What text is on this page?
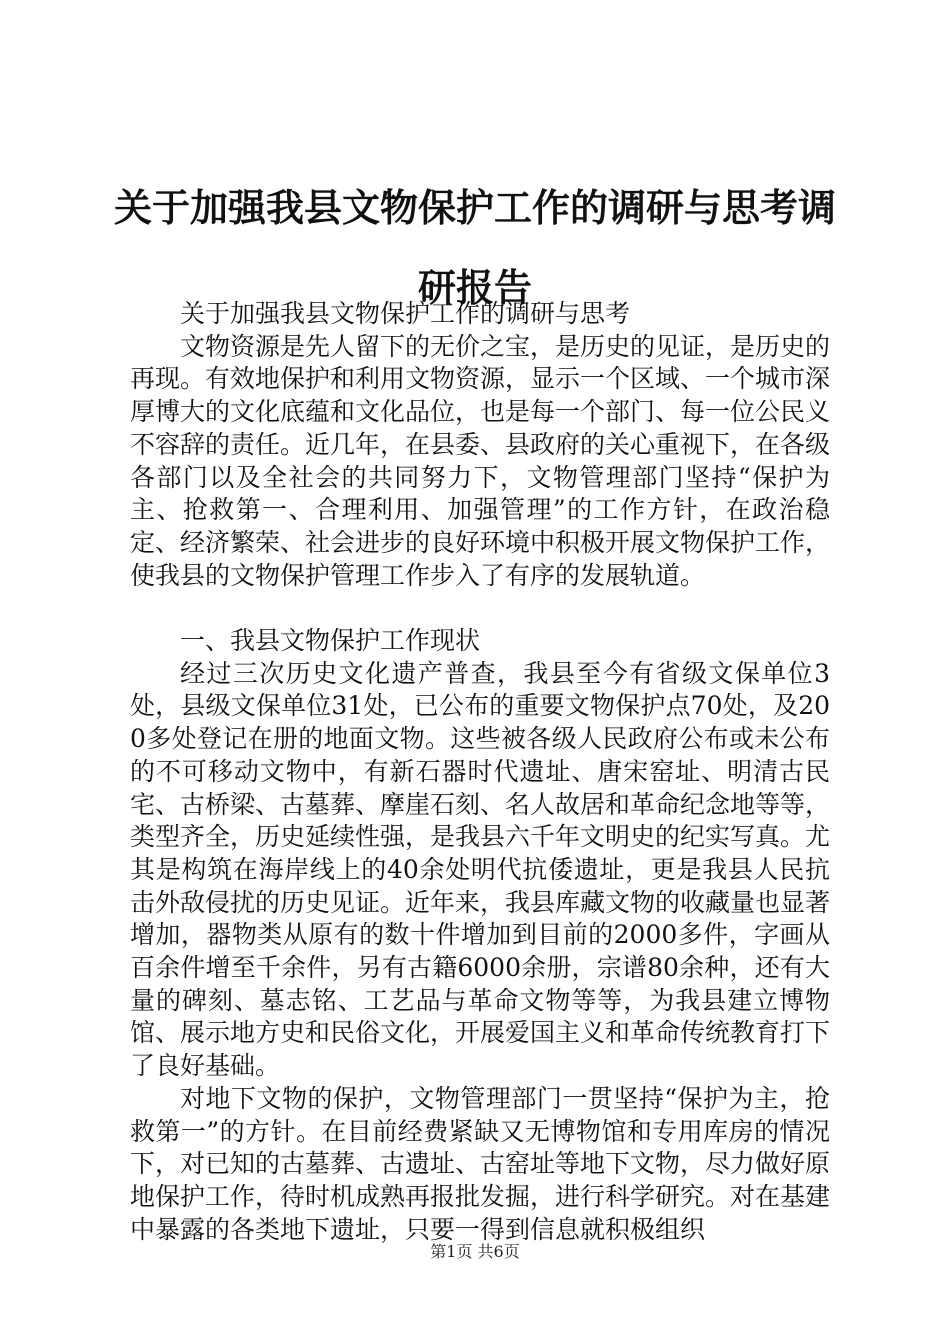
关于加强我县文物保护工作的调研与思考调研报告

关于加强我县文物保护工作的调研与思考

文物资源是先人留下的无价之宝，是历史的见证，是历史的再现。有效地保护和利用文物资源，显示一个区域、一个城市深厚博大的文化底蕴和文化品位，也是每一个部门、每一位公民义不容辞的责任。近几年，在县委、县政府的关心重视下，在各级各部门以及全社会的共同努力下，文物管理部门坚持“保护为主、抢救第一、合理利用、加强管理”的工作方针，在政治稳定、经济繁荣、社会进步的良好环境中积极开展文物保护工作，使我县的文物保护管理工作步入了有序的发展轨道。

一、我县文物保护工作现状

经过三次历史文化遗产普查，我县至今有省级文保单位3处，县级文保单位31处，已公布的重要文物保护点70处，及200多处登记在册的地面文物。这些被各级人民政府公布或未公布的不可移动文物中，有新石器时代遗址、唐宋窑址、明清古民宅、古桥梁、古墓葬、摩崖石刻、名人故居和革命纪念地等等，类型齐全，历史延续性强，是我县六千年文明史的纪实写真。尤其是构筑在海岸线上的40余处明代抗倭遗址，更是我县人民抗击外敌侵扰的历史见证。近年来，我县库藏文物的收藏量也显著增加，器物类从原有的数十件增加到目前的2000多件，字画从百余件增至千余件，另有古籍6000余册，宗谱80余种，还有大量的碑刻、墓志铭、工艺品与革命文物等等，为我县建立博物馆、展示地方史和民俗文化，开展爱国主义和革命传统教育打下了良好基础。

对地下文物的保护，文物管理部门一贯坚持“保护为主，抢救第一”的方针。在目前经费紧缺又无博物馆和专用库房的情况下，对已知的古墓葬、古遗址、古窑址等地下文物，尽力做好原地保护工作，待时机成熟再报批发掘，进行科学研究。对在基建中暴露的各类地下遗址，只要一得到信息就积极组织

第1页 共6页
